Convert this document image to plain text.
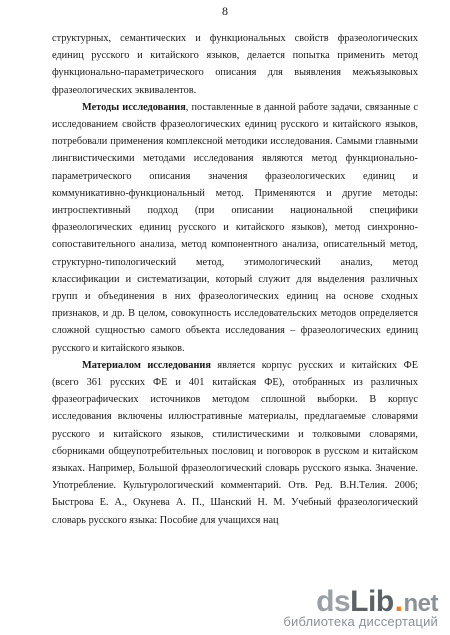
8

структурных, семантических и функциональных свойств фразеологических единиц русского и китайского языков, делается попытка применить метод функционально-параметрического описания для выявления межъязыковых фразеологических эквивалентов.

Методы исследования, поставленные в данной работе задачи, связанные с исследованием свойств фразеологических единиц русского и китайского языков, потребовали применения комплексной методики исследования. Самыми главными лингвистическими методами исследования являются метод функционально-параметрического описания значения фразеологических единиц и коммуникативно-функциональный метод. Применяются и другие методы: интроспективный подход (при описании национальной специфики фразеологических единиц русского и китайского языков), метод синхронно-сопоставительного анализа, метод компонентного анализа, описательный метод, структурно-типологический метод, этимологический анализ, метод классификации и систематизации, который служит для выделения различных групп и объединения в них фразеологических единиц на основе сходных признаков, и др. В целом, совокупность исследовательских методов определяется сложной сущностью самого объекта исследования – фразеологических единиц русского и китайского языков.

Материалом исследования является корпус русских и китайских ФЕ (всего 361 русских ФЕ и 401 китайская ФЕ), отобранных из различных фразеографических источников методом сплошной выборки. В корпус исследования включены иллюстративные материалы, предлагаемые словарями русского и китайского языков, стилистическими и толковыми словарями, сборниками общеупотребительных пословиц и поговорок в русском и китайском языках. Например, Большой фразеологический словарь русского языка. Значение. Употребление. Культурологический комментарий. Отв. Ред. В.Н.Телия. 2006; Быстрова Е. А., Окунева А. П., Шанский Н. М. Учебный фразеологический словарь русского языка: Пособие для учащихся нац

ds Lib . net
библиотека диссертаций
